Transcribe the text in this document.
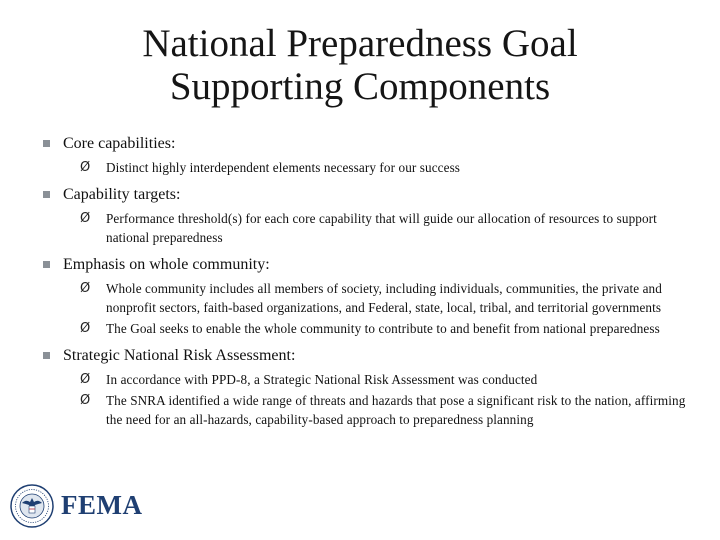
National Preparedness Goal
Supporting Components
Core capabilities:
Ø	Distinct highly interdependent elements necessary for our success
Capability targets:
Ø	Performance threshold(s) for each core capability that will guide our allocation of resources to support national preparedness
Emphasis on whole community:
Ø	Whole community includes all members of society, including individuals, communities, the private and nonprofit sectors, faith-based organizations, and Federal, state, local, tribal, and territorial governments
Ø	The Goal seeks to enable the whole community to contribute to and benefit from national preparedness
Strategic National Risk Assessment:
Ø	In accordance with PPD-8, a Strategic National Risk Assessment was conducted
Ø	The SNRA identified a wide range of threats and hazards that pose a significant risk to the nation, affirming the need for an all-hazards, capability-based approach to preparedness planning
FEMA
